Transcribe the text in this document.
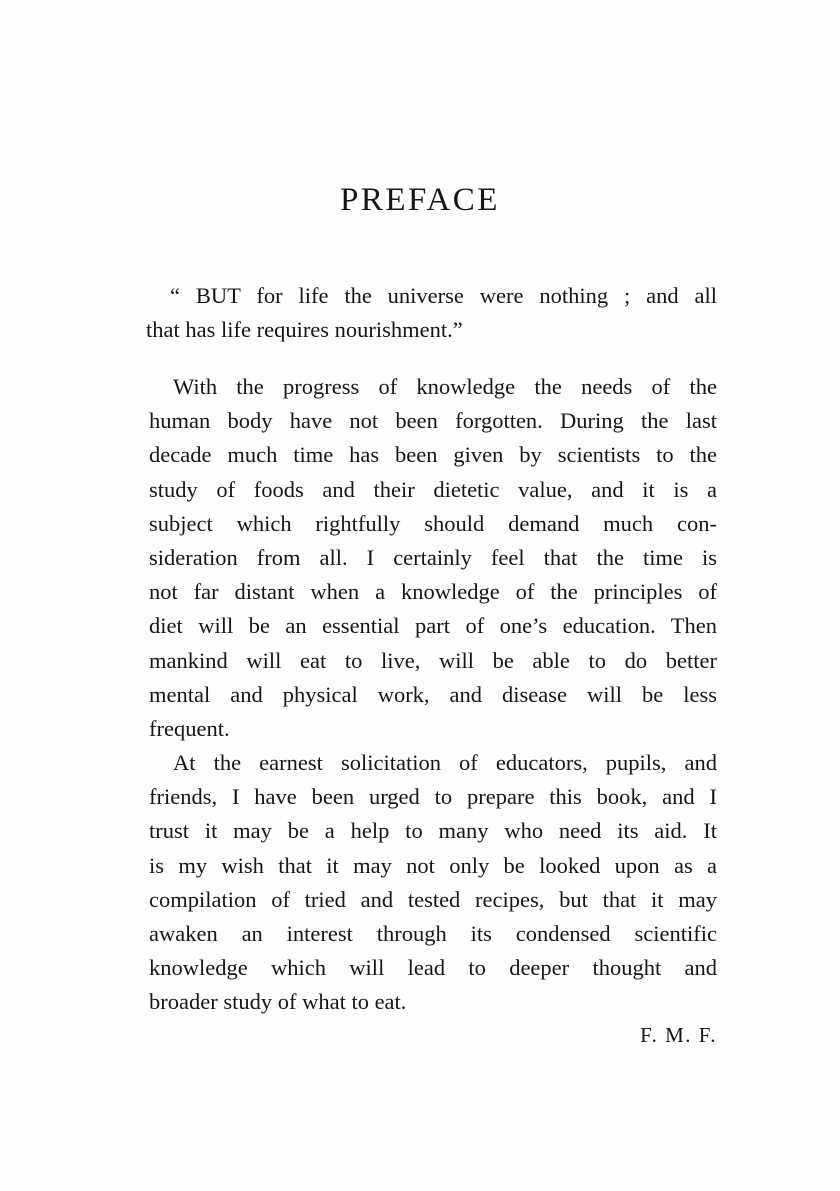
PREFACE

“ BUT for life the universe were nothing ; and all
that has life requires nourishment.”

With the progress of knowledge the needs of the
human body have not been forgotten. During the last
decade much time has been given by scientists to the
study of foods and their dietetic value, and it is a
subject which rightfully should demand much con-
sideration from all. I certainly feel that the time is
not far distant when a knowledge of the principles of
diet will be an essential part of one’s education. Then
mankind will eat to live, will be able to do better
mental and physical work, and disease will be less
frequent.

At the earnest solicitation of educators, pupils, and
friends, I have been urged to prepare this book, and I
trust it may be a help to many who need its aid. It
is my wish that it may not only be looked upon as a
compilation of tried and tested recipes, but that it may
awaken an interest through its condensed scientific
knowledge which will lead to deeper thought and
broader study of what to eat.

F. M. F.
